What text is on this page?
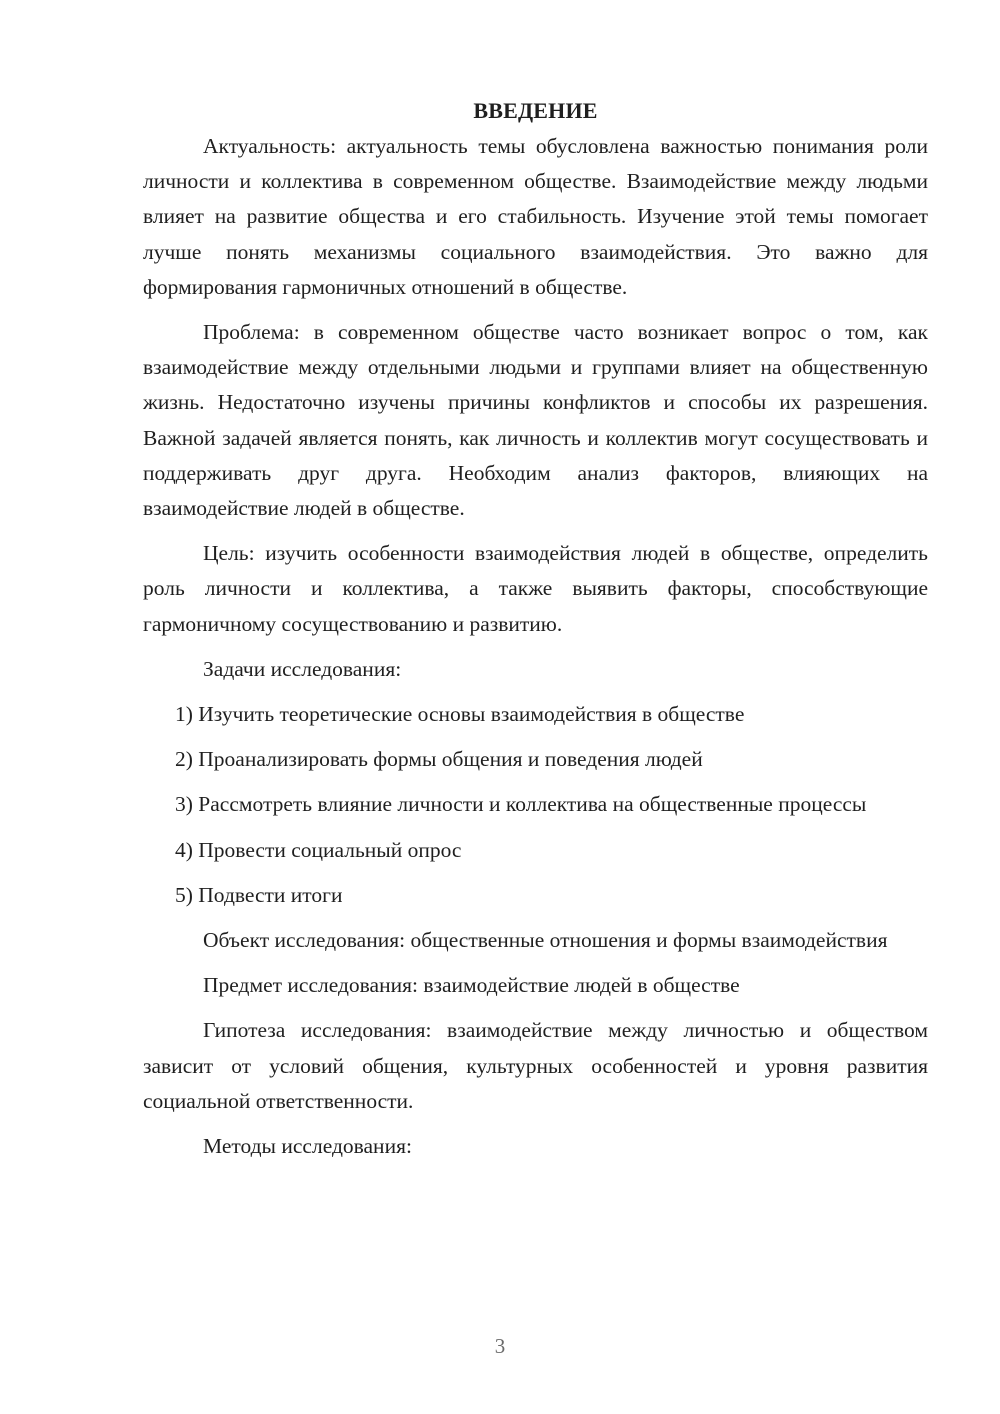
ВВЕДЕНИЕ

Актуальность: актуальность темы обусловлена важностью понимания роли личности и коллектива в современном обществе. Взаимодействие между людьми влияет на развитие общества и его стабильность. Изучение этой темы помогает лучше понять механизмы социального взаимодействия. Это важно для формирования гармоничных отношений в обществе.

Проблема: в современном обществе часто возникает вопрос о том, как взаимодействие между отдельными людьми и группами влияет на общественную жизнь. Недостаточно изучены причины конфликтов и способы их разрешения. Важной задачей является понять, как личность и коллектив могут сосуществовать и поддерживать друг друга. Необходим анализ факторов, влияющих на взаимодействие людей в обществе.

Цель: изучить особенности взаимодействия людей в обществе, определить роль личности и коллектива, а также выявить факторы, способствующие гармоничному сосуществованию и развитию.

Задачи исследования:

1) Изучить теоретические основы взаимодействия в обществе

2) Проанализировать формы общения и поведения людей

3) Рассмотреть влияние личности и коллектива на общественные процессы

4) Провести социальный опрос

5) Подвести итоги

Объект исследования: общественные отношения и формы взаимодействия

Предмет исследования: взаимодействие людей в обществе

Гипотеза исследования: взаимодействие между личностью и обществом зависит от условий общения, культурных особенностей и уровня развития социальной ответственности.

Методы исследования:

3
